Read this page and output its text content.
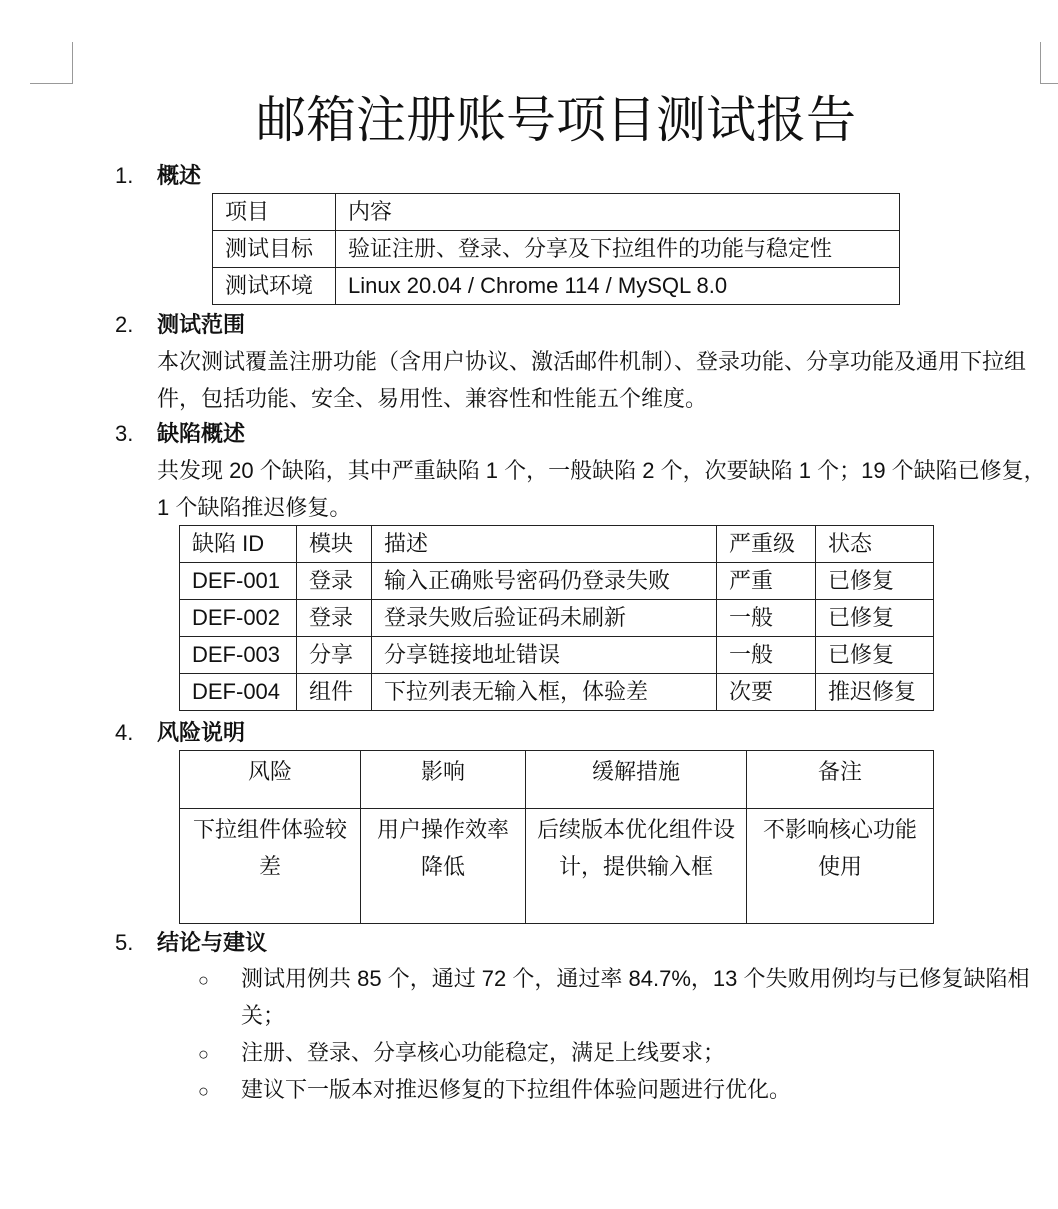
邮箱注册账号项目测试报告
1. 概述
项目	内容
测试目标	验证注册、登录、分享及下拉组件的功能与稳定性
测试环境	Linux 20.04 / Chrome 114 / MySQL 8.0
2. 测试范围
本次测试覆盖注册功能（含用户协议、激活邮件机制）、登录功能、分享功能及通用下拉组件，包括功能、安全、易用性、兼容性和性能五个维度。
3. 缺陷概述
共发现 20 个缺陷，其中严重缺陷 1 个，一般缺陷 2 个，次要缺陷 1 个；19 个缺陷已修复，1 个缺陷推迟修复。
缺陷 ID	模块	描述	严重级	状态
DEF-001	登录	输入正确账号密码仍登录失败	严重	已修复
DEF-002	登录	登录失败后验证码未刷新	一般	已修复
DEF-003	分享	分享链接地址错误	一般	已修复
DEF-004	组件	下拉列表无输入框，体验差	次要	推迟修复
4. 风险说明
风险	影响	缓解措施	备注
下拉组件体验较差	用户操作效率降低	后续版本优化组件设计，提供输入框	不影响核心功能使用
5. 结论与建议
○ 测试用例共 85 个，通过 72 个，通过率 84.7%，13 个失败用例均与已修复缺陷相关；
○ 注册、登录、分享核心功能稳定，满足上线要求；
○ 建议下一版本对推迟修复的下拉组件体验问题进行优化。
